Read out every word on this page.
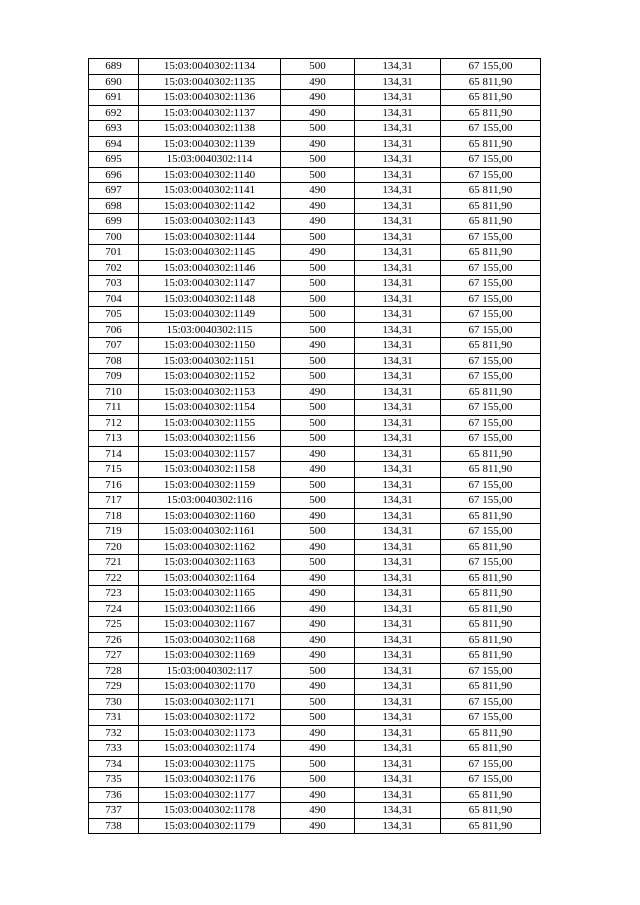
689	15:03:0040302:1134	500	134,31	67 155,00
690	15:03:0040302:1135	490	134,31	65 811,90
691	15:03:0040302:1136	490	134,31	65 811,90
692	15:03:0040302:1137	490	134,31	65 811,90
693	15:03:0040302:1138	500	134,31	67 155,00
694	15:03:0040302:1139	490	134,31	65 811,90
695	15:03:0040302:114	500	134,31	67 155,00
696	15:03:0040302:1140	500	134,31	67 155,00
697	15:03:0040302:1141	490	134,31	65 811,90
698	15:03:0040302:1142	490	134,31	65 811,90
699	15:03:0040302:1143	490	134,31	65 811,90
700	15:03:0040302:1144	500	134,31	67 155,00
701	15:03:0040302:1145	490	134,31	65 811,90
702	15:03:0040302:1146	500	134,31	67 155,00
703	15:03:0040302:1147	500	134,31	67 155,00
704	15:03:0040302:1148	500	134,31	67 155,00
705	15:03:0040302:1149	500	134,31	67 155,00
706	15:03:0040302:115	500	134,31	67 155,00
707	15:03:0040302:1150	490	134,31	65 811,90
708	15:03:0040302:1151	500	134,31	67 155,00
709	15:03:0040302:1152	500	134,31	67 155,00
710	15:03:0040302:1153	490	134,31	65 811,90
711	15:03:0040302:1154	500	134,31	67 155,00
712	15:03:0040302:1155	500	134,31	67 155,00
713	15:03:0040302:1156	500	134,31	67 155,00
714	15:03:0040302:1157	490	134,31	65 811,90
715	15:03:0040302:1158	490	134,31	65 811,90
716	15:03:0040302:1159	500	134,31	67 155,00
717	15:03:0040302:116	500	134,31	67 155,00
718	15:03:0040302:1160	490	134,31	65 811,90
719	15:03:0040302:1161	500	134,31	67 155,00
720	15:03:0040302:1162	490	134,31	65 811,90
721	15:03:0040302:1163	500	134,31	67 155,00
722	15:03:0040302:1164	490	134,31	65 811,90
723	15:03:0040302:1165	490	134,31	65 811,90
724	15:03:0040302:1166	490	134,31	65 811,90
725	15:03:0040302:1167	490	134,31	65 811,90
726	15:03:0040302:1168	490	134,31	65 811,90
727	15:03:0040302:1169	490	134,31	65 811,90
728	15:03:0040302:117	500	134,31	67 155,00
729	15:03:0040302:1170	490	134,31	65 811,90
730	15:03:0040302:1171	500	134,31	67 155,00
731	15:03:0040302:1172	500	134,31	67 155,00
732	15:03:0040302:1173	490	134,31	65 811,90
733	15:03:0040302:1174	490	134,31	65 811,90
734	15:03:0040302:1175	500	134,31	67 155,00
735	15:03:0040302:1176	500	134,31	67 155,00
736	15:03:0040302:1177	490	134,31	65 811,90
737	15:03:0040302:1178	490	134,31	65 811,90
738	15:03:0040302:1179	490	134,31	65 811,90
